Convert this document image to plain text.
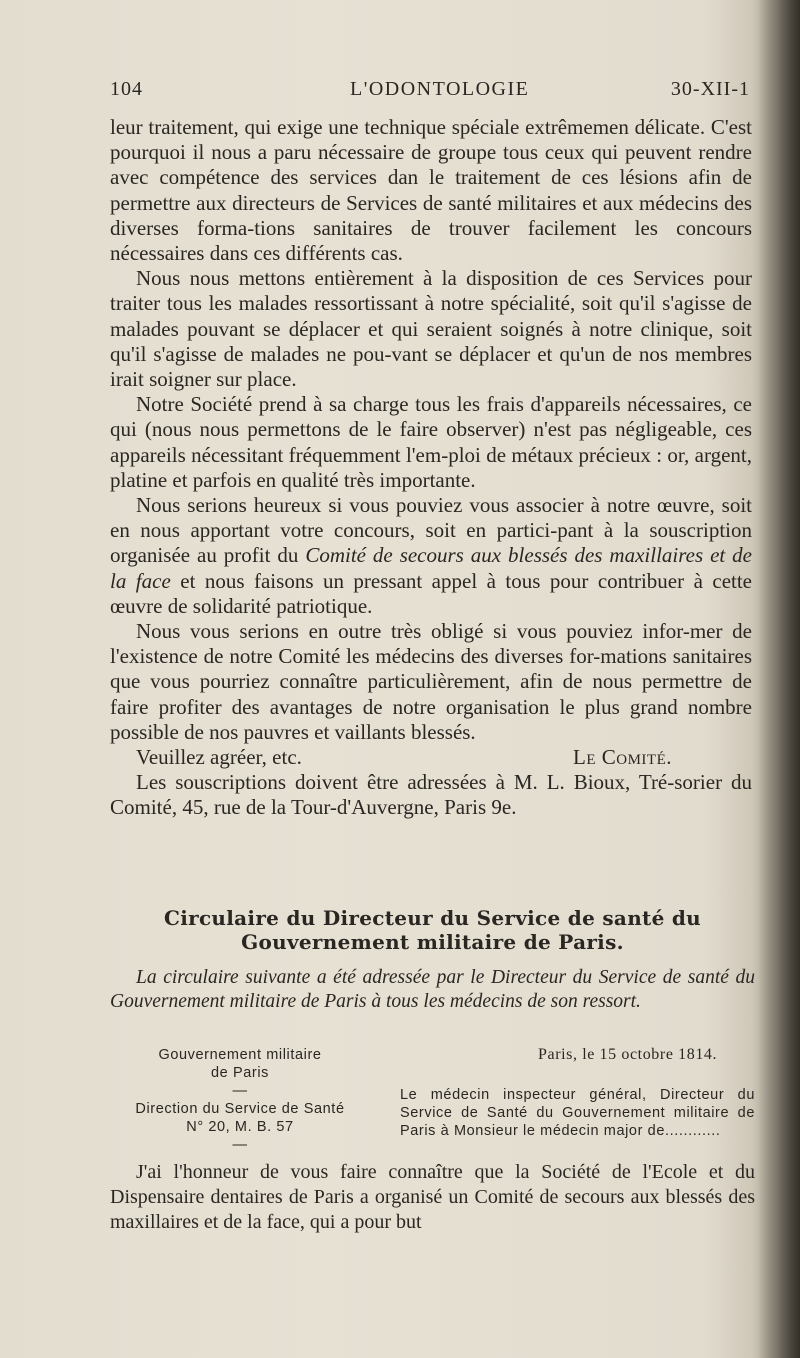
104	L'ODONTOLOGIE	30-XII-1

leur traitement, qui exige une technique spéciale extrêmemen délicate. C'est pourquoi il nous a paru nécessaire de groupe tous ceux qui peuvent rendre avec compétence des services dan le traitement de ces lésions afin de permettre aux directeurs de Services de santé militaires et aux médecins des diverses forma-tions sanitaires de trouver facilement les concours nécessaires dans ces différents cas.

Nous nous mettons entièrement à la disposition de ces Services pour traiter tous les malades ressortissant à notre spécialité, soit qu'il s'agisse de malades pouvant se déplacer et qui seraient soignés à notre clinique, soit qu'il s'agisse de malades ne pou-vant se déplacer et qu'un de nos membres irait soigner sur place.

Notre Société prend à sa charge tous les frais d'appareils nécessaires, ce qui (nous nous permettons de le faire observer) n'est pas négligeable, ces appareils nécessitant fréquemment l'em-ploi de métaux précieux : or, argent, platine et parfois en qualité très importante.

Nous serions heureux si vous pouviez vous associer à notre œuvre, soit en nous apportant votre concours, soit en partici-pant à la souscription organisée au profit du Comité de secours aux blessés des maxillaires et de la face et nous faisons un pressant appel à tous pour contribuer à cette œuvre de solidarité patriotique.

Nous vous serions en outre très obligé si vous pouviez infor-mer de l'existence de notre Comité les médecins des diverses for-mations sanitaires que vous pourriez connaître particulièrement, afin de nous permettre de faire profiter des avantages de notre organisation le plus grand nombre possible de nos pauvres et vaillants blessés.

Veuillez agréer, etc.	Le Comité.

Les souscriptions doivent être adressées à M. L. Bioux, Tré-sorier du Comité, 45, rue de la Tour-d'Auvergne, Paris 9e.

Circulaire du Directeur du Service de santé du Gouvernement militaire de Paris.

La circulaire suivante a été adressée par le Directeur du Service de santé du Gouvernement militaire de Paris à tous les médecins de son ressort.

Gouvernement militaire
de Paris
—
Direction du Service de Santé
N° 20, M. B. 57
—
Paris, le 15 octobre 1814.
Le médecin inspecteur général, Directeur du Service de Santé du Gouvernement militaire de Paris à Monsieur le médecin major de............

J'ai l'honneur de vous faire connaître que la Société de l'Ecole et du Dispensaire dentaires de Paris a organisé un Comité de secours aux blessés des maxillaires et de la face, qui a pour but
